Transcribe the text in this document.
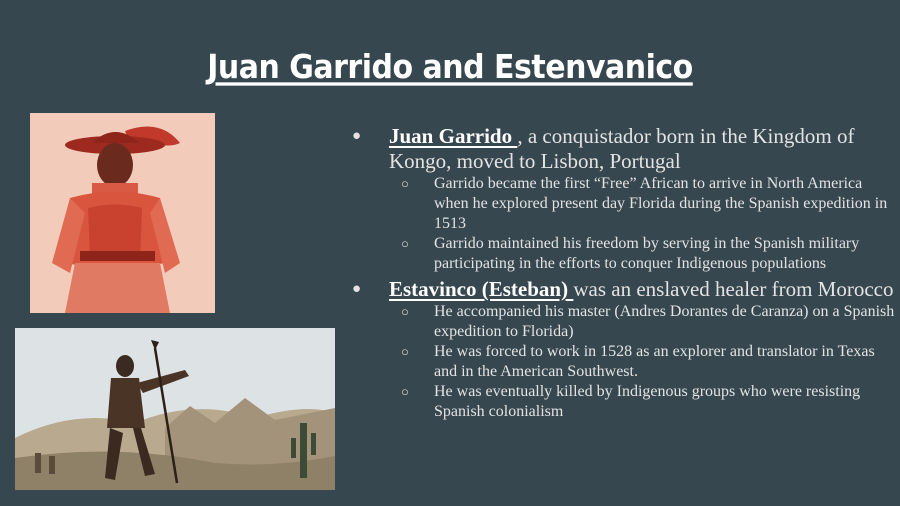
Juan Garrido and Estenvanico
● Juan Garrido , a conquistador born in the Kingdom of Kongo, moved to Lisbon, Portugal
○ Garrido became the first “Free” African to arrive in North America when he explored present day Florida during the Spanish expedition in 1513
○ Garrido maintained his freedom by serving in the Spanish military participating in the efforts to conquer Indigenous populations
● Estavinco (Esteban) was an enslaved healer from Morocco
○ He accompanied his master (Andres Dorantes de Caranza) on a Spanish expedition to Florida)
○ He was forced to work in 1528 as an explorer and translator in Texas and in the American Southwest.
○ He was eventually killed by Indigenous groups who were resisting Spanish colonialism
